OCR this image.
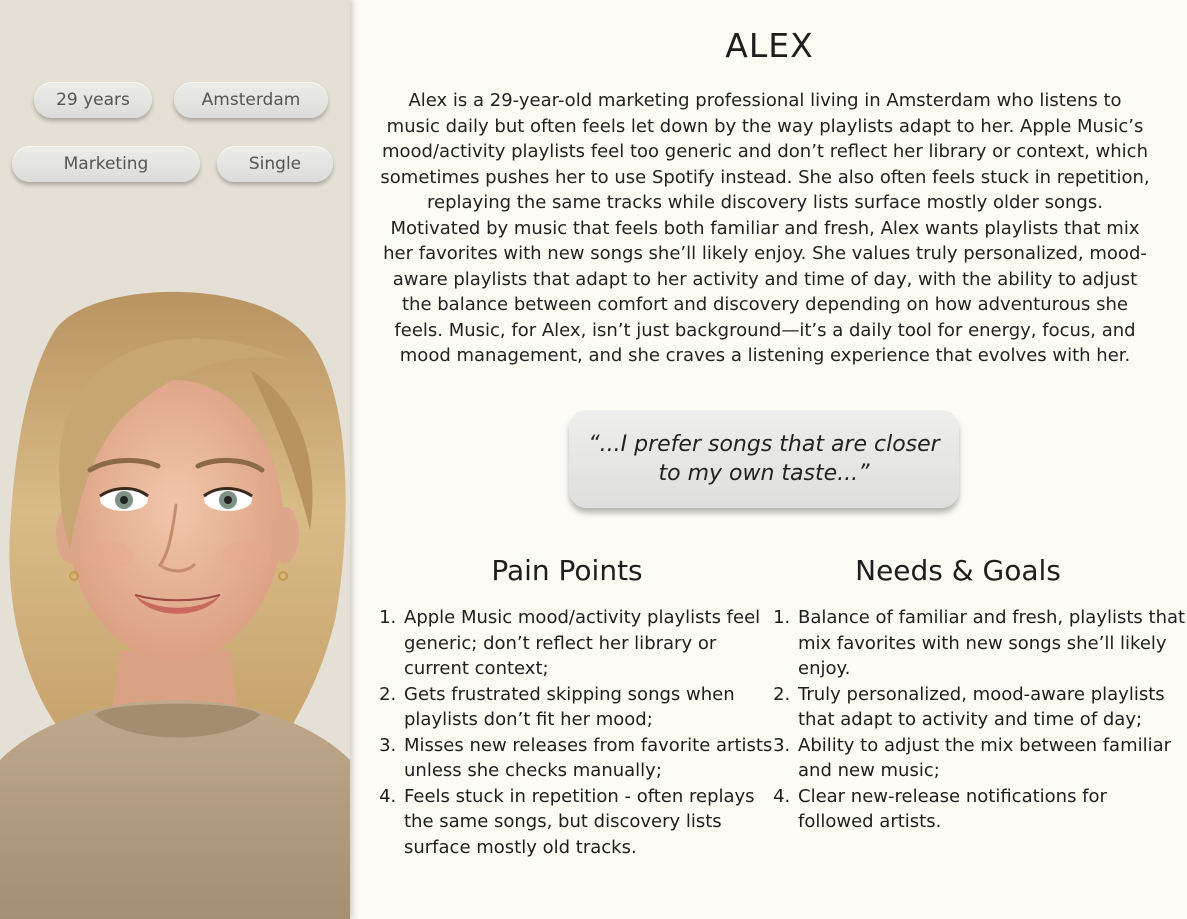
29 years	Amsterdam
Marketing	Single
ALEX

Alex is a 29-year-old marketing professional living in Amsterdam who listens to music daily but often feels let down by the way playlists adapt to her. Apple Music’s mood/activity playlists feel too generic and don’t reflect her library or context, which sometimes pushes her to use Spotify instead. She also often feels stuck in repetition, replaying the same tracks while discovery lists surface mostly older songs. Motivated by music that feels both familiar and fresh, Alex wants playlists that mix her favorites with new songs she’ll likely enjoy. She values truly personalized, mood-aware playlists that adapt to her activity and time of day, with the ability to adjust the balance between comfort and discovery depending on how adventurous she feels. Music, for Alex, isn’t just background—it’s a daily tool for energy, focus, and mood management, and she craves a listening experience that evolves with her.

“...I prefer songs that are closer to my own taste...”
Pain Points
1. Apple Music mood/activity playlists feel generic; don’t reflect her library or current context;
2. Gets frustrated skipping songs when playlists don’t fit her mood;
3. Misses new releases from favorite artists unless she checks manually;
4. Feels stuck in repetition - often replays the same songs, but discovery lists surface mostly old tracks.
Needs & Goals
1. Balance of familiar and fresh, playlists that mix favorites with new songs she’ll likely enjoy.
2. Truly personalized, mood-aware playlists that adapt to activity and time of day;
3. Ability to adjust the mix between familiar and new music;
4. Clear new-release notifications for followed artists.
